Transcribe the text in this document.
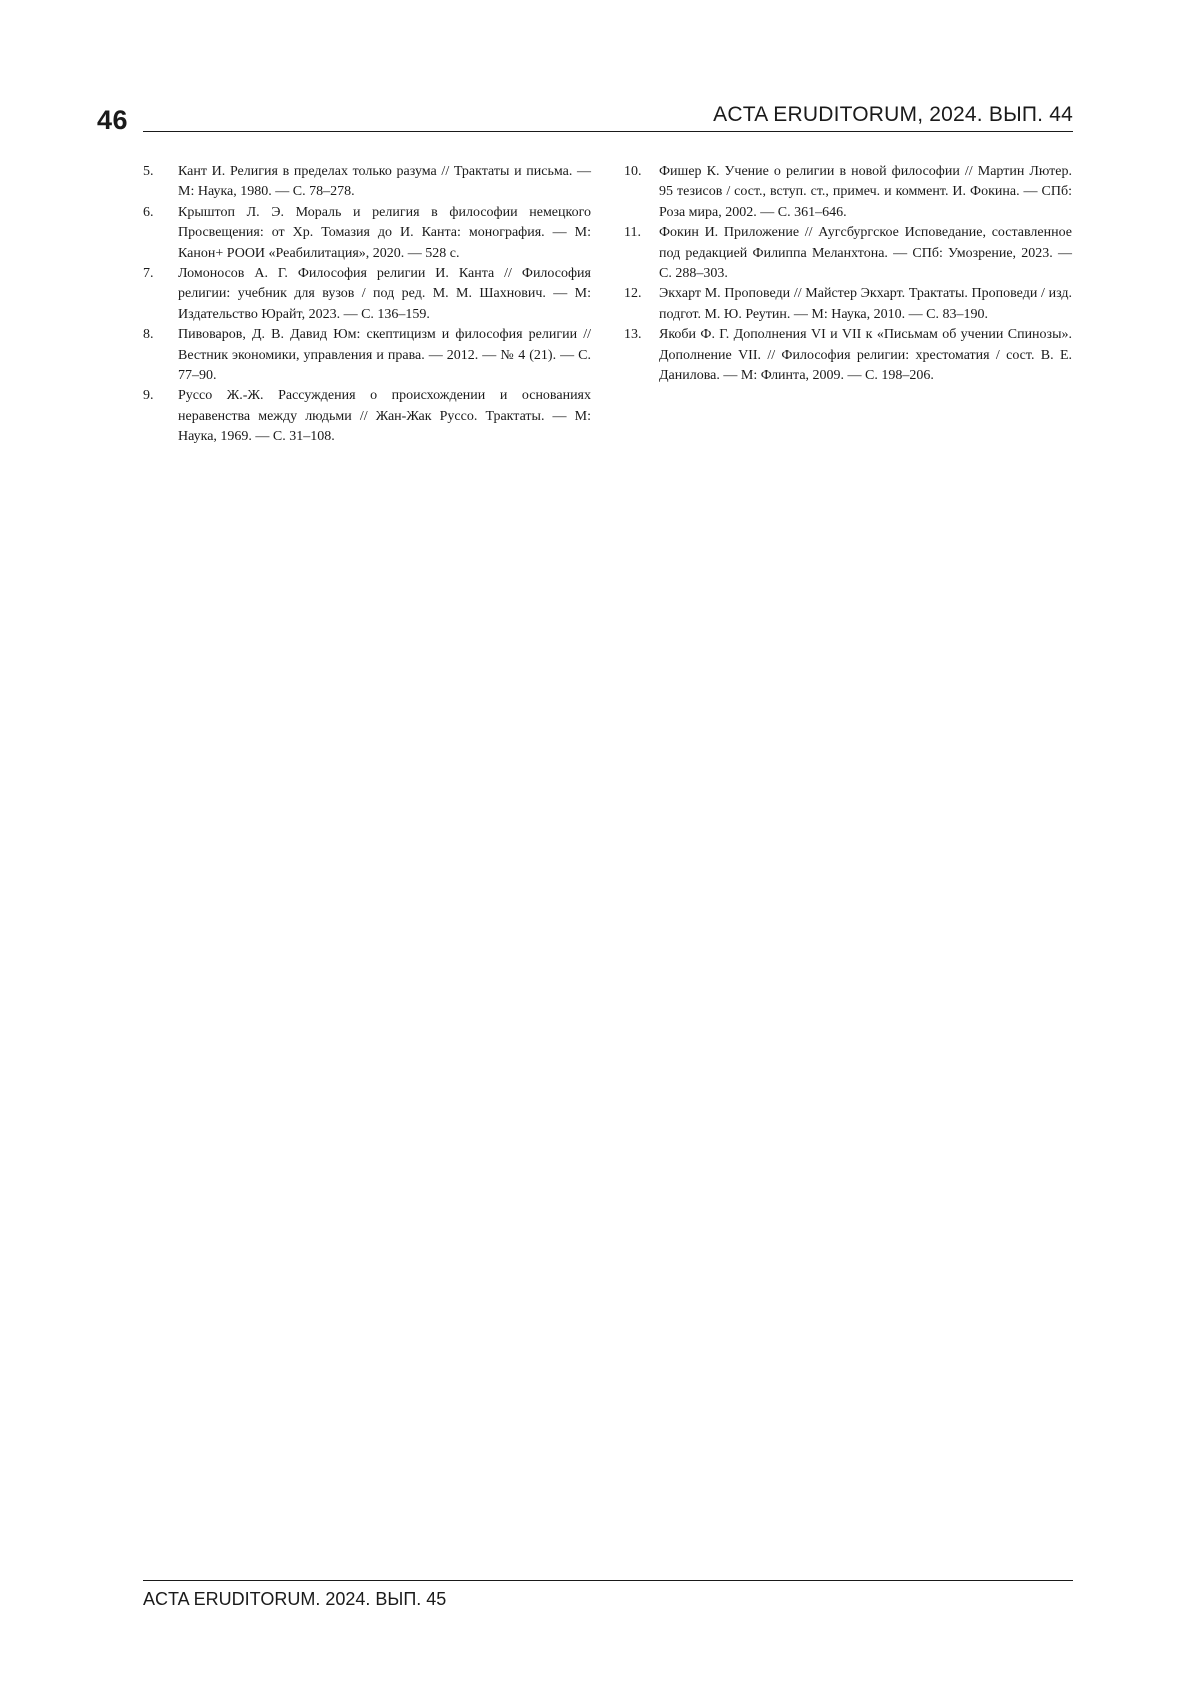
46	ACTA ERUDITORUM, 2024. ВЫП. 44
5.	Кант И. Религия в пределах только разума // Трактаты и письма. — М: Наука, 1980. — С. 78–278.
6.	Крыштоп Л. Э. Мораль и религия в философии немецкого Просвещения: от Хр. Томазия до И. Канта: монография. — М: Канон+ РООИ «Реабилитация», 2020. — 528 с.
7.	Ломоносов А. Г. Философия религии И. Канта // Философия религии: учебник для вузов / под ред. М. М. Шахнович. — М: Издательство Юрайт, 2023. — С. 136–159.
8.	Пивоваров, Д. В. Давид Юм: скептицизм и философия религии // Вестник экономики, управления и права. — 2012. — № 4 (21). — С. 77–90.
9.	Руссо Ж.-Ж. Рассуждения о происхождении и основаниях неравенства между людьми // Жан-Жак Руссо. Трактаты. — М: Наука, 1969. — С. 31–108.
10.	Фишер К. Учение о религии в новой философии // Мартин Лютер. 95 тезисов / сост., вступ. ст., примеч. и коммент. И. Фокина. — СПб: Роза мира, 2002. — С. 361–646.
11.	Фокин И. Приложение // Аугсбургское Исповедание, составленное под редакцией Филиппа Меланхтона. — СПб: Умозрение, 2023. — С. 288–303.
12.	Экхарт М. Проповеди // Майстер Экхарт. Трактаты. Проповеди / изд. подгот. М. Ю. Реутин. — М: Наука, 2010. — С. 83–190.
13.	Якоби Ф. Г. Дополнения VI и VII к «Письмам об учении Спинозы». Дополнение VII. // Философия религии: хрестоматия / сост. В. Е. Данилова. — М: Флинта, 2009. — С. 198–206.
ACTA ERUDITORUM. 2024. ВЫП. 45
